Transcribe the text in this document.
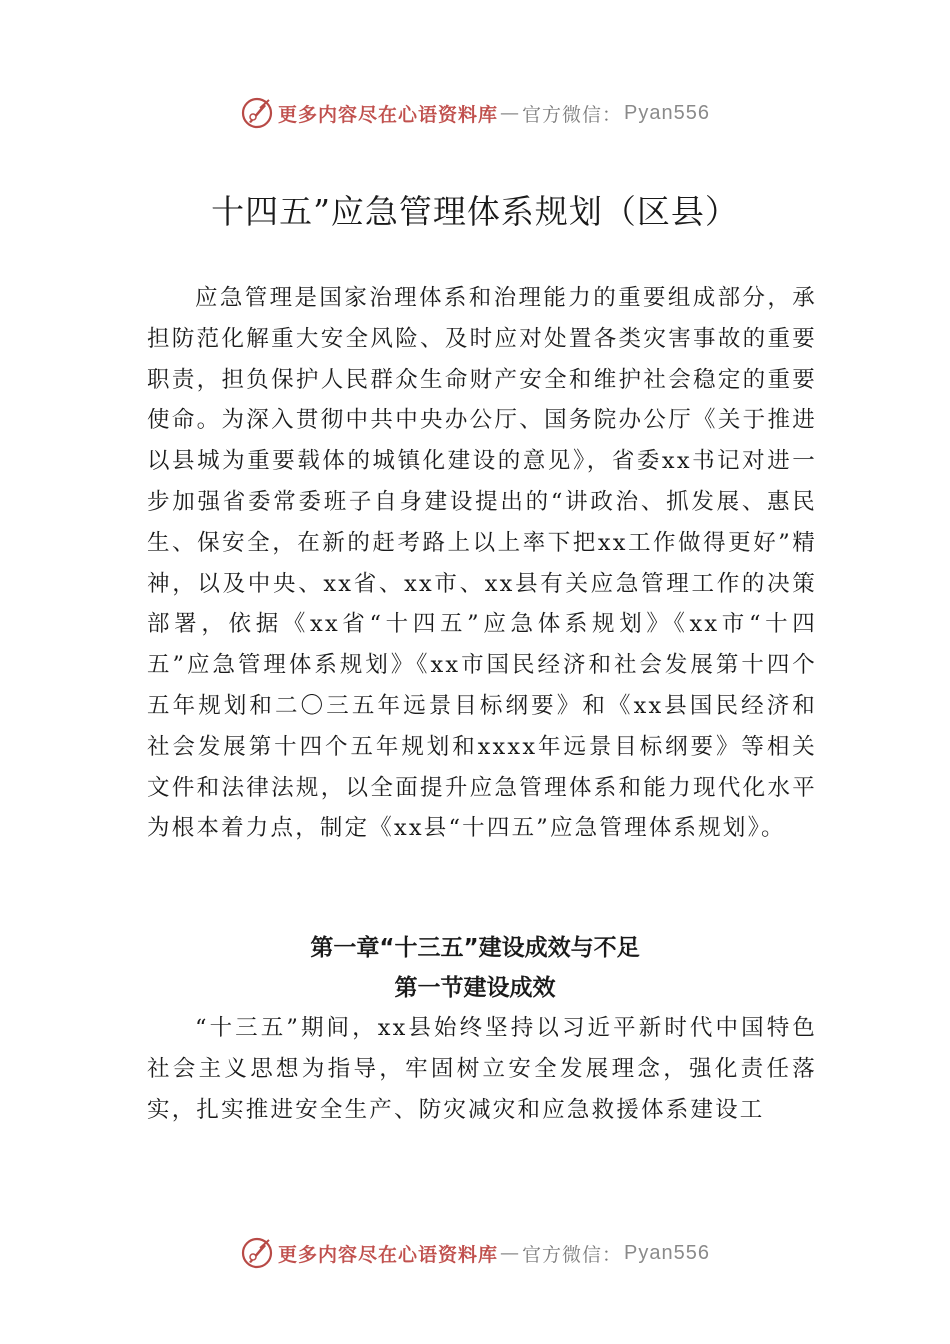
更多内容尽在心语资料库 — 官方微信： Pyan556
十四五”应急管理体系规划（区县）

应急管理是国家治理体系和治理能力的重要组成部分，承担防范化解重大安全风险、及时应对处置各类灾害事故的重要职责，担负保护人民群众生命财产安全和维护社会稳定的重要使命。为深入贯彻中共中央办公厅、国务院办公厅《关于推进以县城为重要载体的城镇化建设的意见》，省委xx书记对进一步加强省委常委班子自身建设提出的“讲政治、抓发展、惠民生、保安全，在新的赶考路上以上率下把xx工作做得更好”精神，以及中央、xx省、xx市、xx县有关应急管理工作的决策部署，依据《xx省“十四五”应急体系规划》《xx市“十四五”应急管理体系规划》《xx市国民经济和社会发展第十四个五年规划和二〇三五年远景目标纲要》和《xx县国民经济和社会发展第十四个五年规划和xxxx年远景目标纲要》等相关文件和法律法规，以全面提升应急管理体系和能力现代化水平为根本着力点，制定《xx县“十四五”应急管理体系规划》。

第一章“十三五”建设成效与不足
第一节建设成效

“十三五”期间，xx县始终坚持以习近平新时代中国特色社会主义思想为指导，牢固树立安全发展理念，强化责任落实，扎实推进安全生产、防灾减灾和应急救援体系建设工

更多内容尽在心语资料库 — 官方微信： Pyan556
